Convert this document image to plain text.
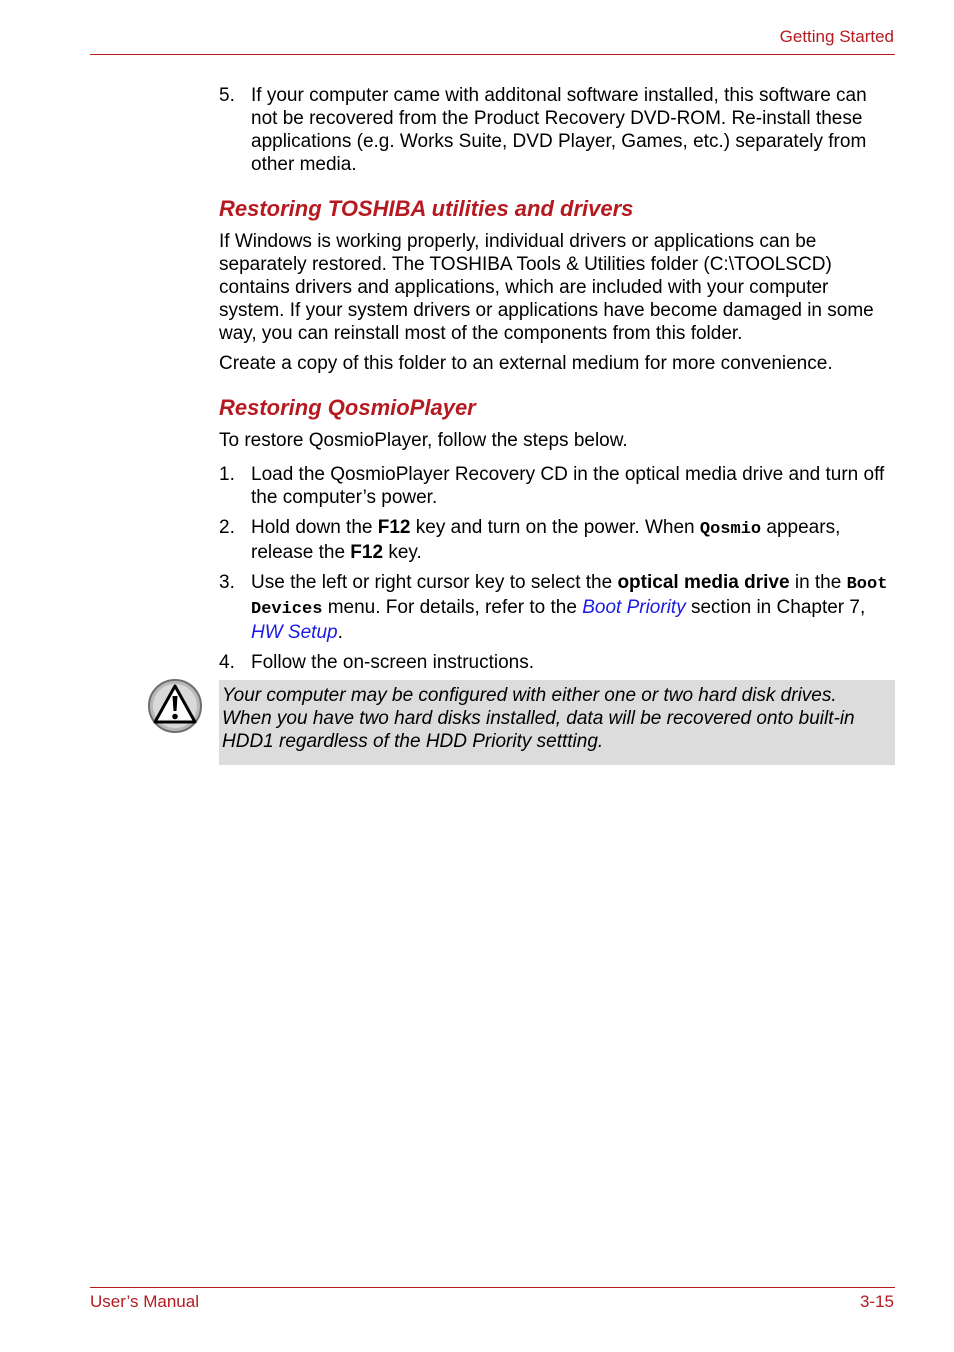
Getting Started
5. If your computer came with additonal software installed, this software can not be recovered from the Product Recovery DVD-ROM. Re-install these applications (e.g. Works Suite, DVD Player, Games, etc.) separately from other media.
Restoring TOSHIBA utilities and drivers

If Windows is working properly, individual drivers or applications can be separately restored. The TOSHIBA Tools & Utilities folder (C:\TOOLSCD) contains drivers and applications, which are included with your computer system. If your system drivers or applications have become damaged in some way, you can reinstall most of the components from this folder.

Create a copy of this folder to an external medium for more convenience.

Restoring QosmioPlayer

To restore QosmioPlayer, follow the steps below.

1. Load the QosmioPlayer Recovery CD in the optical media drive and turn off the computer’s power.
2. Hold down the F12 key and turn on the power. When Qosmio appears, release the F12 key.
3. Use the left or right cursor key to select the optical media drive in the Boot Devices menu. For details, refer to the Boot Priority section in Chapter 7, HW Setup.
4. Follow the on-screen instructions.
Your computer may be configured with either one or two hard disk drives. When you have two hard disks installed, data will be recovered onto built-in HDD1 regardless of the HDD Priority settting.
User’s Manual	3-15
